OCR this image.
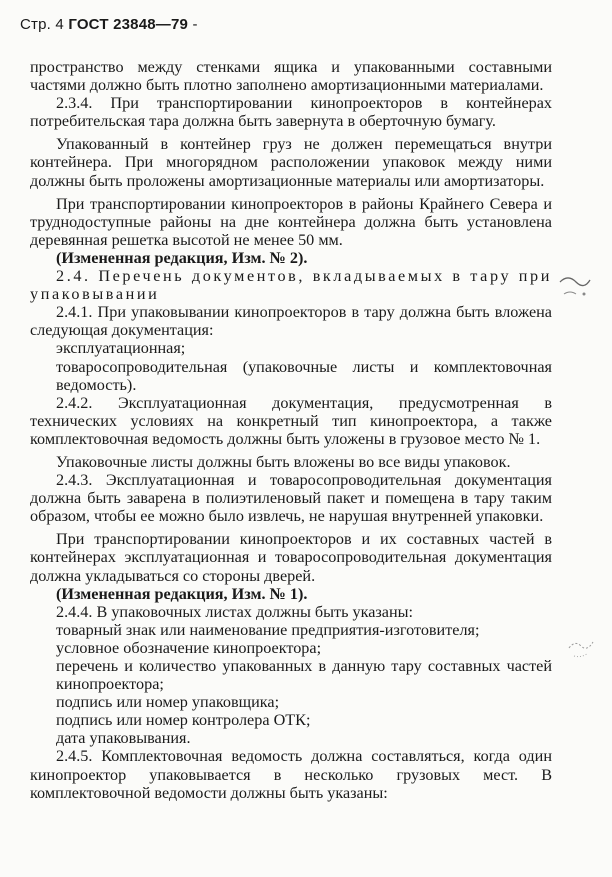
Стр. 4 ГОСТ 23848—79 -

пространство между стенками ящика и упакованными составными частями должно быть плотно заполнено амортизационными материалами.

2.3.4. При транспортировании кинопроекторов в контейнерах потребительская тара должна быть завернута в оберточную бумагу.

Упакованный в контейнер груз не должен перемещаться внутри контейнера. При многорядном расположении упаковок между ними должны быть проложены амортизационные материалы или амортизаторы.

При транспортировании кинопроекторов в районы Крайнего Севера и труднодоступные районы на дне контейнера должна быть установлена деревянная решетка высотой не менее 50 мм.

(Измененная редакция, Изм. № 2).

2.4. Перечень документов, вкладываемых в тару при упаковывании

2.4.1. При упаковывании кинопроекторов в тару должна быть вложена следующая документация:

эксплуатационная;

товаросопроводительная (упаковочные листы и комплектовочная ведомость).

2.4.2. Эксплуатационная документация, предусмотренная в технических условиях на конкретный тип кинопроектора, а также комплектовочная ведомость должны быть уложены в грузовое место № 1.

Упаковочные листы должны быть вложены во все виды упаковок.

2.4.3. Эксплуатационная и товаросопроводительная документация должна быть заварена в полиэтиленовый пакет и помещена в тару таким образом, чтобы ее можно было извлечь, не нарушая внутренней упаковки.

При транспортировании кинопроекторов и их составных частей в контейнерах эксплуатационная и товаросопроводительная документация должна укладываться со стороны дверей.

(Измененная редакция, Изм. № 1).

2.4.4. В упаковочных листах должны быть указаны:

товарный знак или наименование предприятия-изготовителя;

условное обозначение кинопроектора;

перечень и количество упакованных в данную тару составных частей кинопроектора;

подпись или номер упаковщика;

подпись или номер контролера ОТК;

дата упаковывания.

2.4.5. Комплектовочная ведомость должна составляться, когда один кинопроектор упаковывается в несколько грузовых мест. В комплектовочной ведомости должны быть указаны:
